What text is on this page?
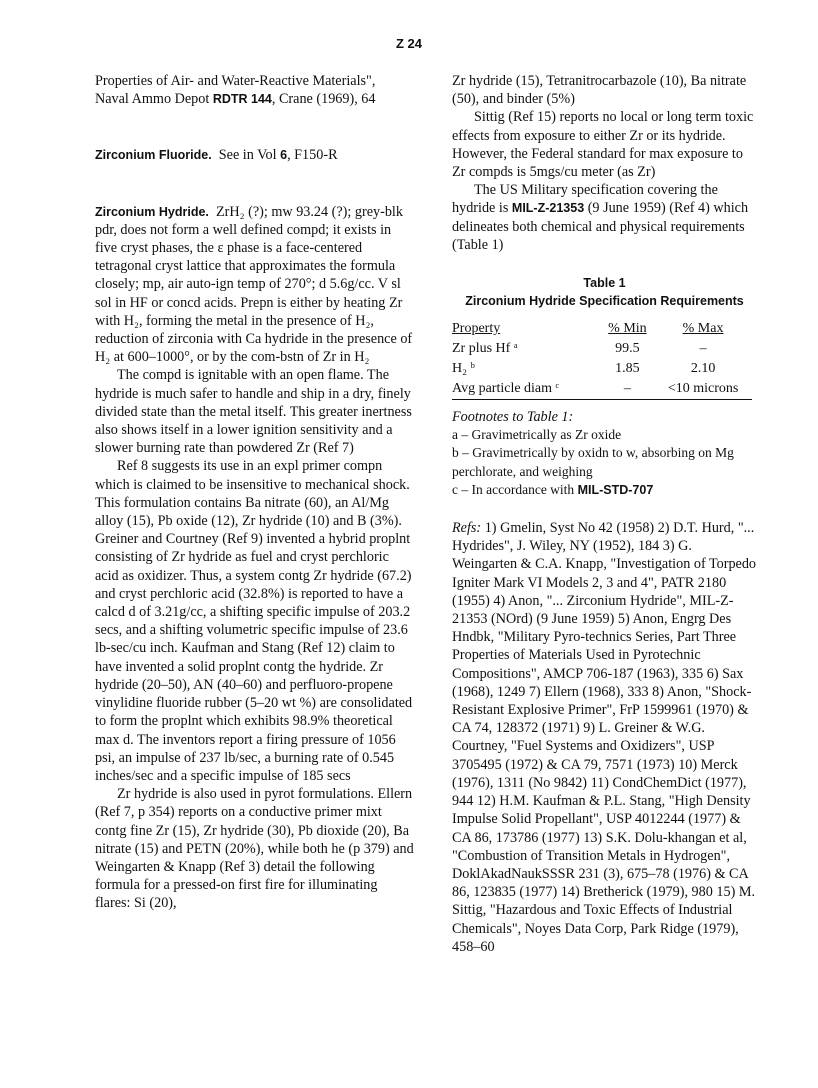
Z 24

Properties of Air- and Water-Reactive Materials",
Naval Ammo Depot RDTR 144, Crane (1969), 64

Zirconium Fluoride. See in Vol 6, F150-R

Zirconium Hydride. ZrH₂ (?); mw 93.24 (?); grey-blk pdr, does not form a well defined compd; it exists in five cryst phases, the ε phase is a face-centered tetragonal cryst lattice that approximates the formula closely; mp, air auto-ign temp of 270°; d 5.6g/cc. V sl sol in HF or concd acids. Prepn is either by heating Zr with H₂, forming the metal in the presence of H₂, reduction of zirconia with Ca hydride in the presence of H₂ at 600–1000°, or by the com-bstn of Zr in H₂

The compd is ignitable with an open flame. The hydride is much safer to handle and ship in a dry, finely divided state than the metal itself. This greater inertness also shows itself in a lower ignition sensitivity and a slower burning rate than powdered Zr (Ref 7)

Ref 8 suggests its use in an expl primer compn which is claimed to be insensitive to mechanical shock. This formulation contains Ba nitrate (60), an Al/Mg alloy (15), Pb oxide (12), Zr hydride (10) and B (3%). Greiner and Courtney (Ref 9) invented a hybrid proplnt consisting of Zr hydride as fuel and cryst perchloric acid as oxidizer. Thus, a system contg Zr hydride (67.2) and cryst perchloric acid (32.8%) is reported to have a calcd d of 3.21g/cc, a shifting specific impulse of 203.2 secs, and a shifting volumetric specific impulse of 23.6 lb-sec/cu inch. Kaufman and Stang (Ref 12) claim to have invented a solid proplnt contg the hydride. Zr hydride (20–50), AN (40–60) and perfluoro-propene vinylidine fluoride rubber (5–20 wt %) are consolidated to form the proplnt which exhibits 98.9% theoretical max d. The inventors report a firing pressure of 1056 psi, an impulse of 237 lb/sec, a burning rate of 0.545 inches/sec and a specific impulse of 185 secs

Zr hydride is also used in pyrot formulations. Ellern (Ref 7, p 354) reports on a conductive primer mixt contg fine Zr (15), Zr hydride (30), Pb dioxide (20), Ba nitrate (15) and PETN (20%), while both he (p 379) and Weingarten & Knapp (Ref 3) detail the following formula for a pressed-on first fire for illuminating flares: Si (20),

Zr hydride (15), Tetranitrocarbazole (10), Ba nitrate (50), and binder (5%)

Sittig (Ref 15) reports no local or long term toxic effects from exposure to either Zr or its hydride. However, the Federal standard for max exposure to Zr compds is 5mgs/cu meter (as Zr)

The US Military specification covering the hydride is MIL-Z-21353 (9 June 1959) (Ref 4) which delineates both chemical and physical requirements (Table 1)

Table 1
Zirconium Hydride Specification Requirements
Property	% Min	% Max
Zr plus Hf ᵃ	99.5	–
H₂ ᵇ	1.85	2.10
Avg particle diam ᶜ	–	<10 microns

Footnotes to Table 1:

a – Gravimetrically as Zr oxide

b – Gravimetrically by oxidn to w, absorbing on Mg perchlorate, and weighing

c – In accordance with MIL-STD-707

Refs: 1) Gmelin, Syst No 42 (1958) 2) D.T. Hurd, "... Hydrides", J. Wiley, NY (1952), 184 3) G. Weingarten & C.A. Knapp, "Investigation of Torpedo Igniter Mark VI Models 2, 3 and 4", PATR 2180 (1955) 4) Anon, "... Zirconium Hydride", MIL-Z-21353 (NOrd) (9 June 1959) 5) Anon, Engrg Des Hndbk, "Military Pyro-technics Series, Part Three Properties of Materials Used in Pyrotechnic Compositions", AMCP 706-187 (1963), 335 6) Sax (1968), 1249 7) Ellern (1968), 333 8) Anon, "Shock-Resistant Explosive Primer", FrP 1599961 (1970) & CA 74, 128372 (1971) 9) L. Greiner & W.G. Courtney, "Fuel Systems and Oxidizers", USP 3705495 (1972) & CA 79, 7571 (1973) 10) Merck (1976), 1311 (No 9842) 11) CondChemDict (1977), 944 12) H.M. Kaufman & P.L. Stang, "High Density Impulse Solid Propellant", USP 4012244 (1977) & CA 86, 173786 (1977) 13) S.K. Dolu-khangan et al, "Combustion of Transition Metals in Hydrogen", DoklAkadNaukSSSR 231 (3), 675–78 (1976) & CA 86, 123835 (1977) 14) Bretherick (1979), 980 15) M. Sittig, "Hazardous and Toxic Effects of Industrial Chemicals", Noyes Data Corp, Park Ridge (1979), 458–60
